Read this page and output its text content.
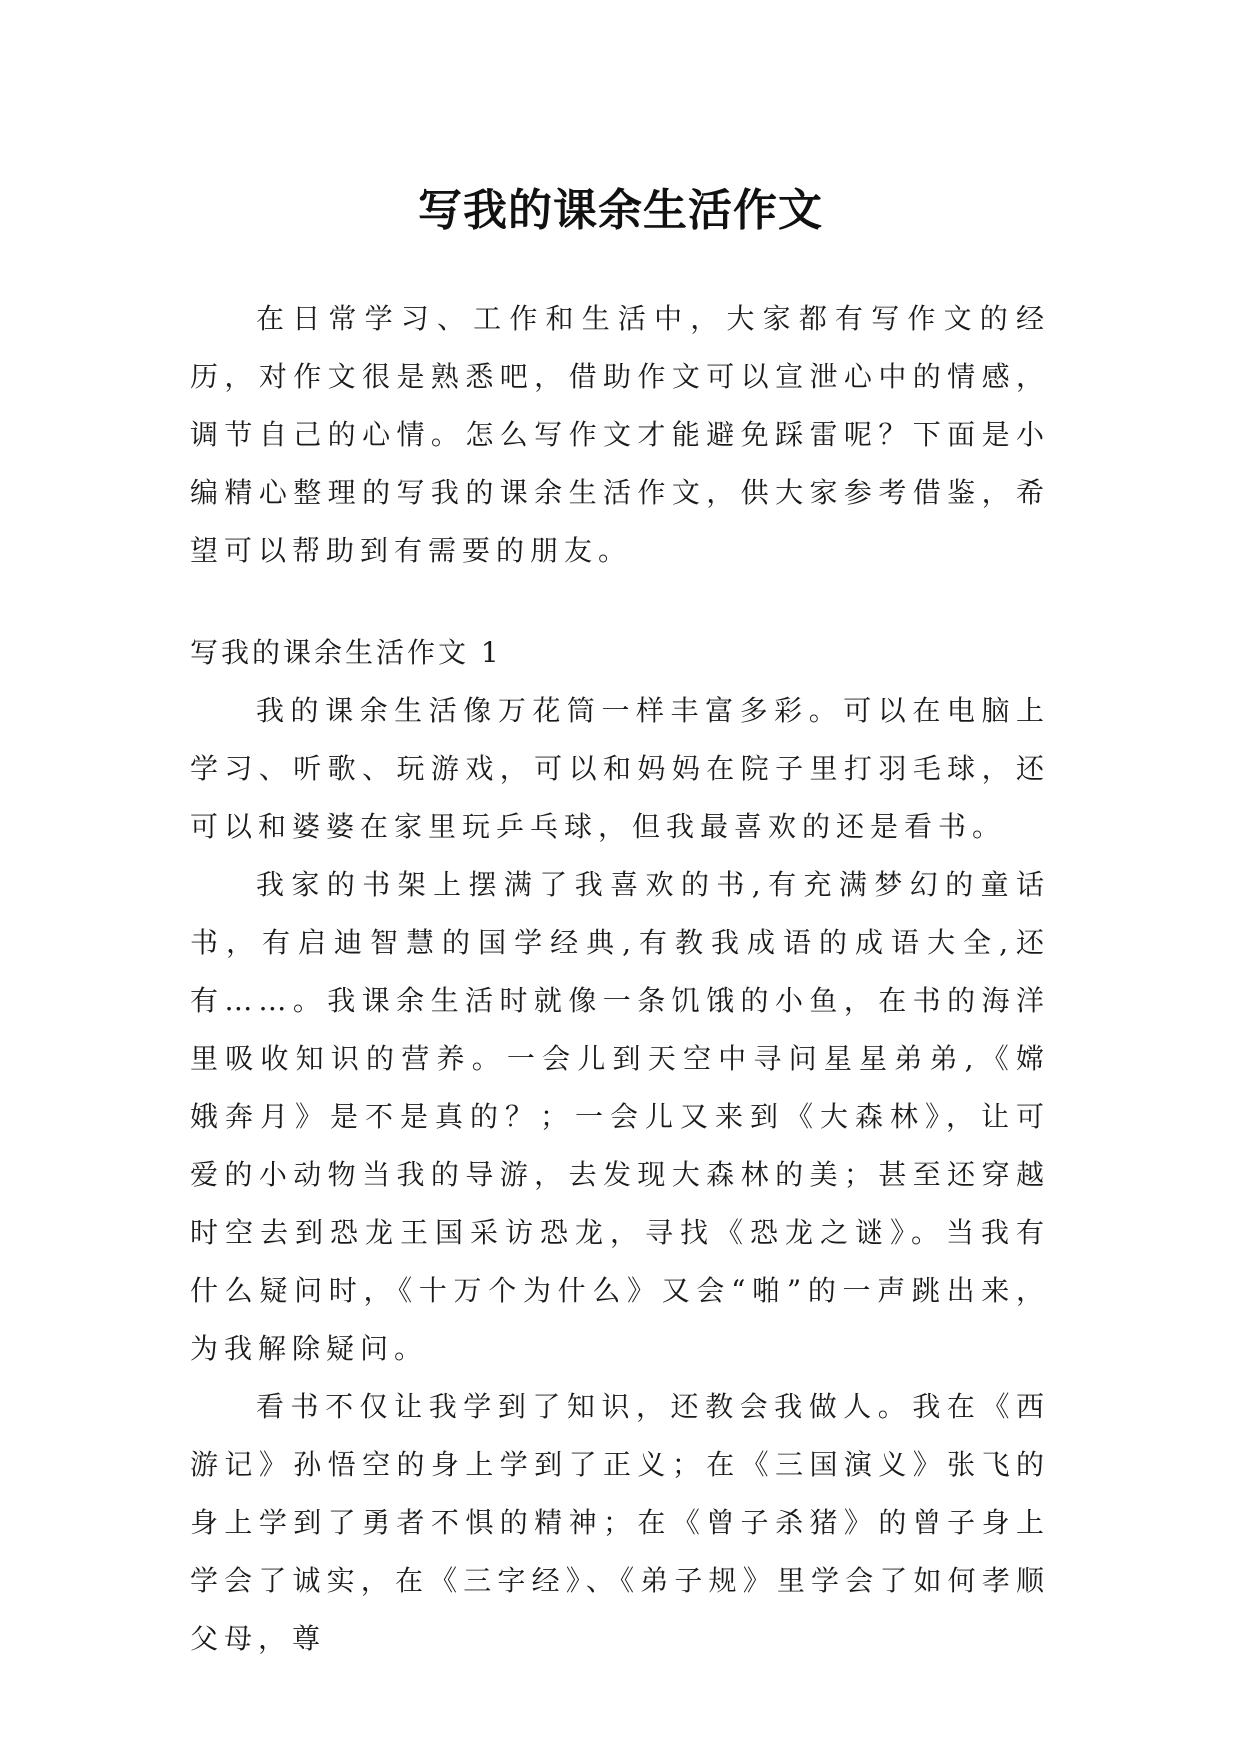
写我的课余生活作文

在日常学习、工作和生活中，大家都有写作文的经历，对作文很是熟悉吧，借助作文可以宣泄心中的情感，调节自己的心情。怎么写作文才能避免踩雷呢？下面是小编精心整理的写我的课余生活作文，供大家参考借鉴，希望可以帮助到有需要的朋友。

写我的课余生活作文 1

我的课余生活像万花筒一样丰富多彩。可以在电脑上学习、听歌、玩游戏，可以和妈妈在院子里打羽毛球，还可以和婆婆在家里玩乒乓球，但我最喜欢的还是看书。

我家的书架上摆满了我喜欢的书,有充满梦幻的童话书，有启迪智慧的国学经典,有教我成语的成语大全,还有……。我课余生活时就像一条饥饿的小鱼，在书的海洋里吸收知识的营养。一会儿到天空中寻问星星弟弟,《嫦娥奔月》是不是真的？；一会儿又来到《大森林》，让可爱的小动物当我的导游，去发现大森林的美；甚至还穿越时空去到恐龙王国采访恐龙，寻找《恐龙之谜》。当我有什么疑问时，《十万个为什么》又会“啪”的一声跳出来，为我解除疑问。

看书不仅让我学到了知识，还教会我做人。我在《西游记》孙悟空的身上学到了正义；在《三国演义》张飞的身上学到了勇者不惧的精神；在《曾子杀猪》的曾子身上学会了诚实，在《三字经》、《弟子规》里学会了如何孝顺父母，尊
